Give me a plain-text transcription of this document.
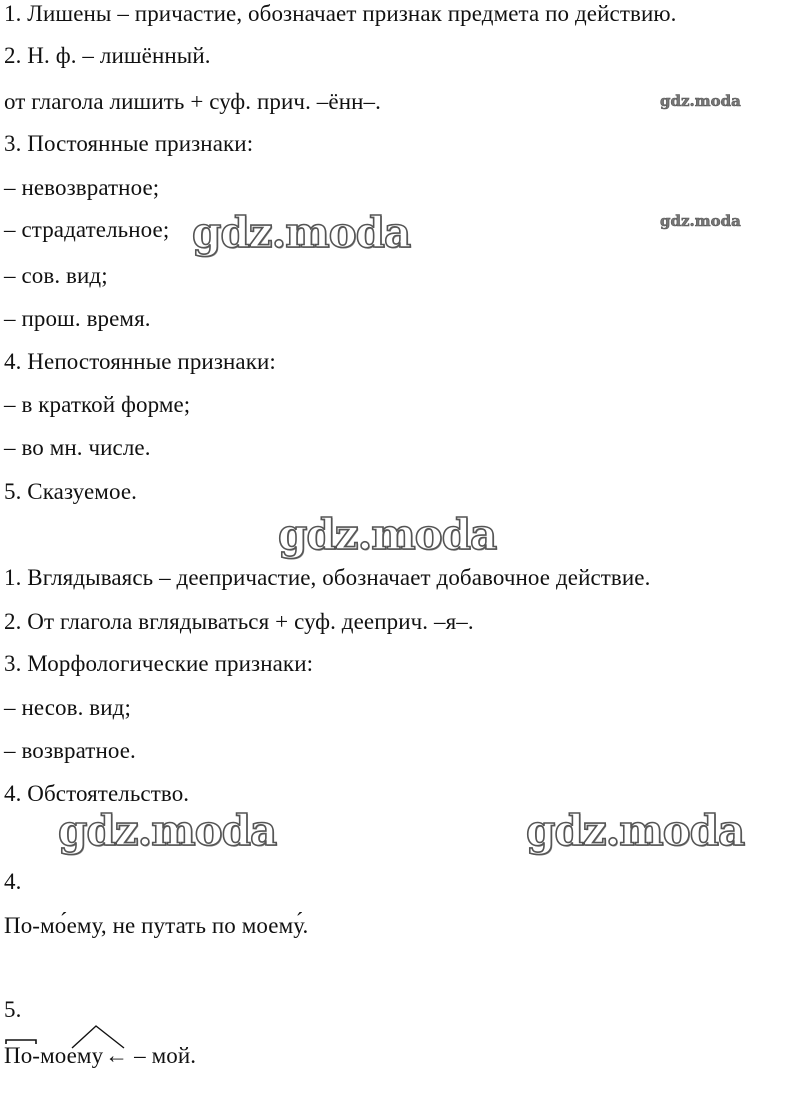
1. Лишены – причастие, обозначает признак предмета по действию.
2. Н. ф. – лишённый.
от глагола лишить + суф. прич. –ённ–.
3. Постоянные признаки:
– невозвратное;
– страдательное;
– сов. вид;
– прош. время.
4. Непостоянные признаки:
– в краткой форме;
– во мн. числе.
5. Сказуемое.
1. Вглядываясь – деепричастие, обозначает добавочное действие.
2. От глагола вглядываться + суф. дееприч. –я–.
3. Морфологические признаки:
– несов. вид;
– возвратное.
4. Обстоятельство.
4.
По-мо́ему, не путать по моему́.
5.
По-моему← – мой.
gdz.moda
gdz.moda
gdz.moda
gdz.moda
gdz.moda	gdz.moda
